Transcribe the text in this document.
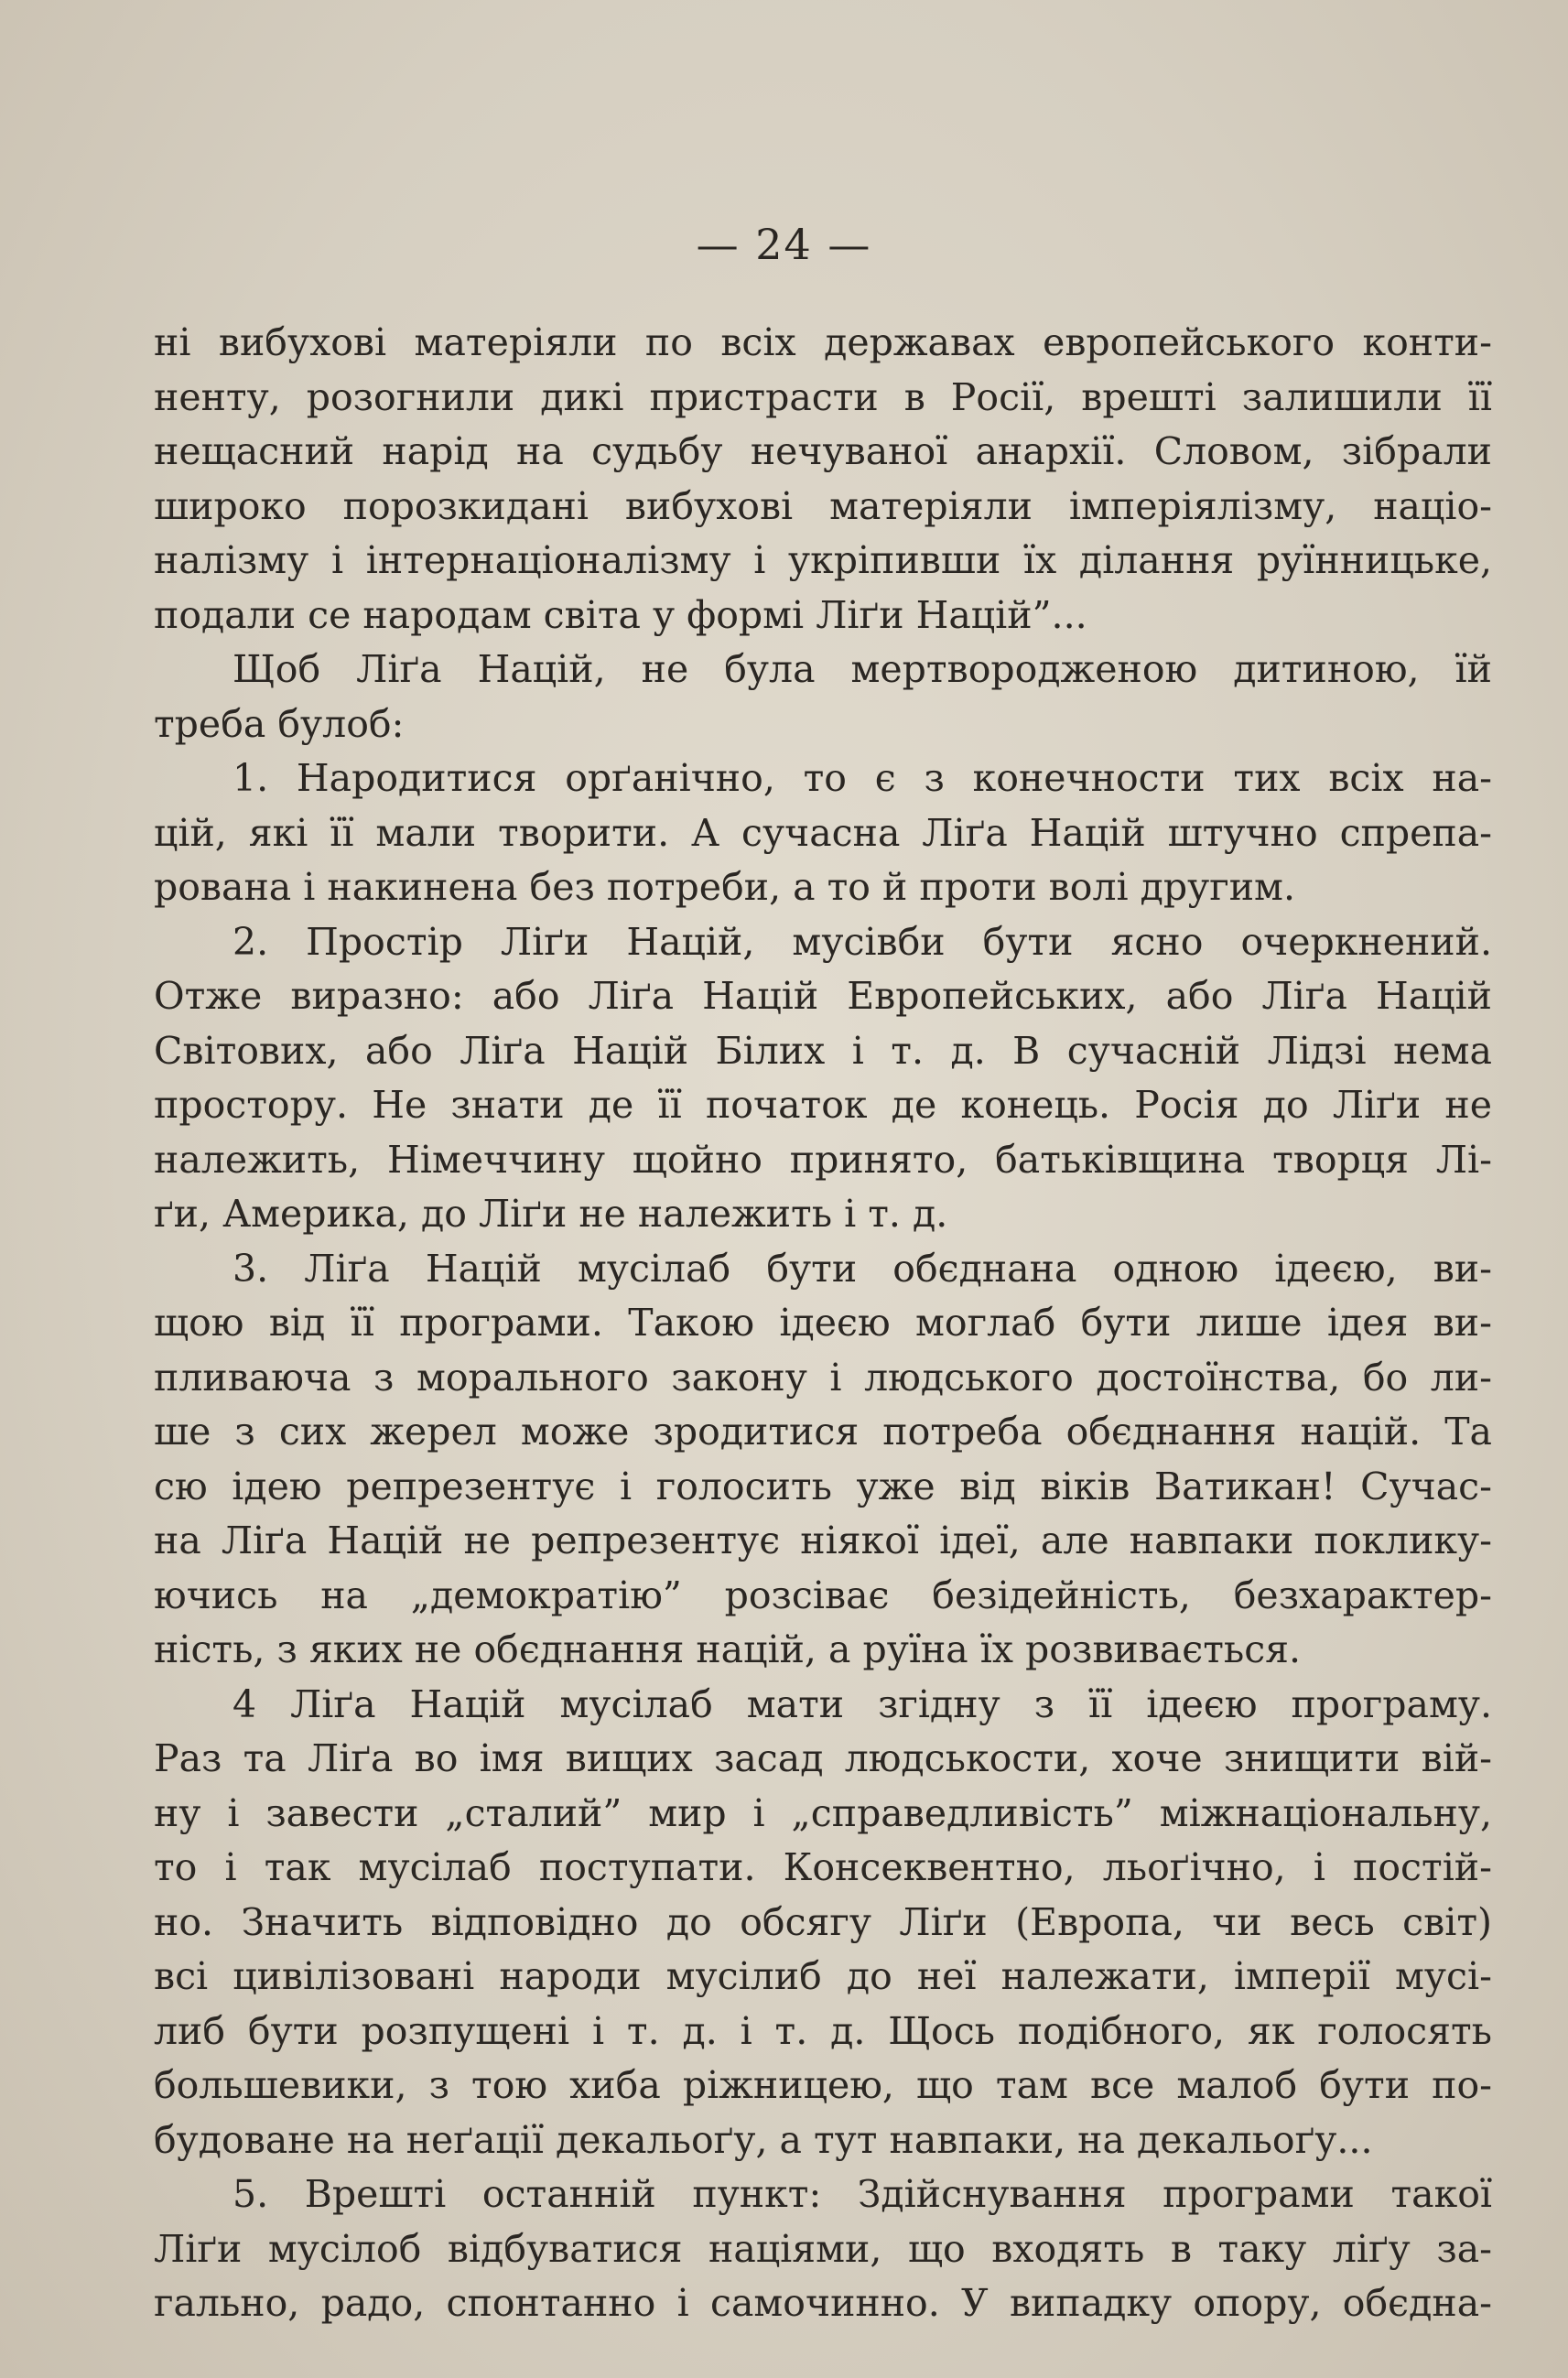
— 24 —
ні вибухові матеріяли по всіх державах европейського конти-
ненту, розогнили дикі пристрасти в Росії, врешті залишили її
нещасний нарід на судьбу нечуваної анархії. Словом, зібрали
широко порозкидані вибухові матеріяли імперіялізму, націо-
налізму і інтернаціоналізму і укріпивши їх ділання руїнницьке,
подали се народам світа у формі Ліґи Націй”...
Щоб Ліґа Націй, не була мертвородженою дитиною, їй
треба булоб:
1. Народитися орґанічно, то є з конечности тих всіх на-
цій, які її мали творити. А сучасна Ліґа Націй штучно спрепа-
рована і накинена без потреби, а то й проти волі другим.
2. Простір Ліґи Націй, мусівби бути ясно очеркнений.
Отже виразно: або Ліґа Націй Европейських, або Ліґа Націй
Світових, або Ліґа Націй Білих і т. д. В сучасній Лідзі нема
простору. Не знати де її початок де конець. Росія до Ліґи не
належить, Німеччину щойно принято, батьківщина творця Лі-
ґи, Америка, до Ліґи не належить і т. д.
3. Ліґа Націй мусілаб бути обєднана одною ідеєю, ви-
щою від її програми. Такою ідеєю моглаб бути лише ідея ви-
пливаюча з морального закону і людського достоїнства, бо ли-
ше з сих жерел може зродитися потреба обєднання націй. Та
сю ідею репрезентує і голосить уже від віків Ватикан! Сучас-
на Ліґа Націй не репрезентує ніякої ідеї, але навпаки поклику-
ючись на „демократію” розсіває безідейність, безхарактер-
ність, з яких не обєднання націй, а руїна їх розвивається.
4 Ліґа Націй мусілаб мати згідну з її ідеєю програму.
Раз та Ліґа во імя вищих засад людськости, хоче знищити вій-
ну і завести „сталий” мир і „справедливість” міжнаціональну,
то і так мусілаб поступати. Консеквентно, льоґічно, і постій-
но. Значить відповідно до обсягу Ліґи (Европа, чи весь світ)
всі цивілізовані народи мусілиб до неї належати, імперії мусі-
либ бути розпущені і т. д. і т. д. Щось подібного, як голосять
большевики, з тою хиба ріжницею, що там все малоб бути по-
будоване на неґації декальоґу, а тут навпаки, на декальоґу...
5. Врешті останній пункт: Здійснування програми такої
Ліґи мусілоб відбуватися націями, що входять в таку ліґу за-
гально, радо, спонтанно і самочинно. У випадку опору, обєдна-
